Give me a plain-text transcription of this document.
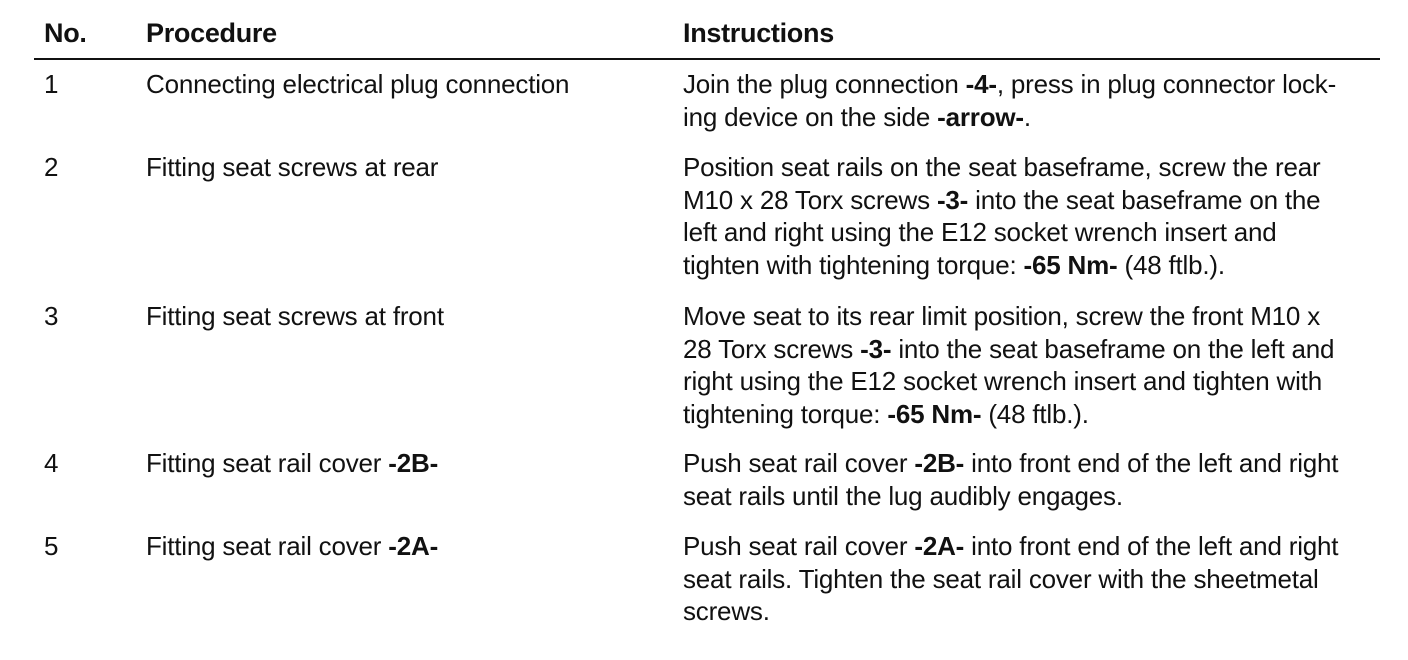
No. Procedure	Instructions
1	Connecting electrical plug connection	Join the plug connection -4-, press in plug connector lock-
ing device on the side -arrow-.
2	Fitting seat screws at rear	Position seat rails on the seat baseframe, screw the rear
M10 x 28 Torx screws -3- into the seat baseframe on the
left and right using the E12 socket wrench insert and
tighten with tightening torque: -65 Nm- (48 ftlb.).
3	Fitting seat screws at front	Move seat to its rear limit position, screw the front M10 x
28 Torx screws -3- into the seat baseframe on the left and
right using the E12 socket wrench insert and tighten with
tightening torque: -65 Nm- (48 ftlb.).
4	Fitting seat rail cover -2B-	Push seat rail cover -2B- into front end of the left and right
seat rails until the lug audibly engages.
5	Fitting seat rail cover -2A-	Push seat rail cover -2A- into front end of the left and right
seat rails. Tighten the seat rail cover with the sheetmetal
screws.
